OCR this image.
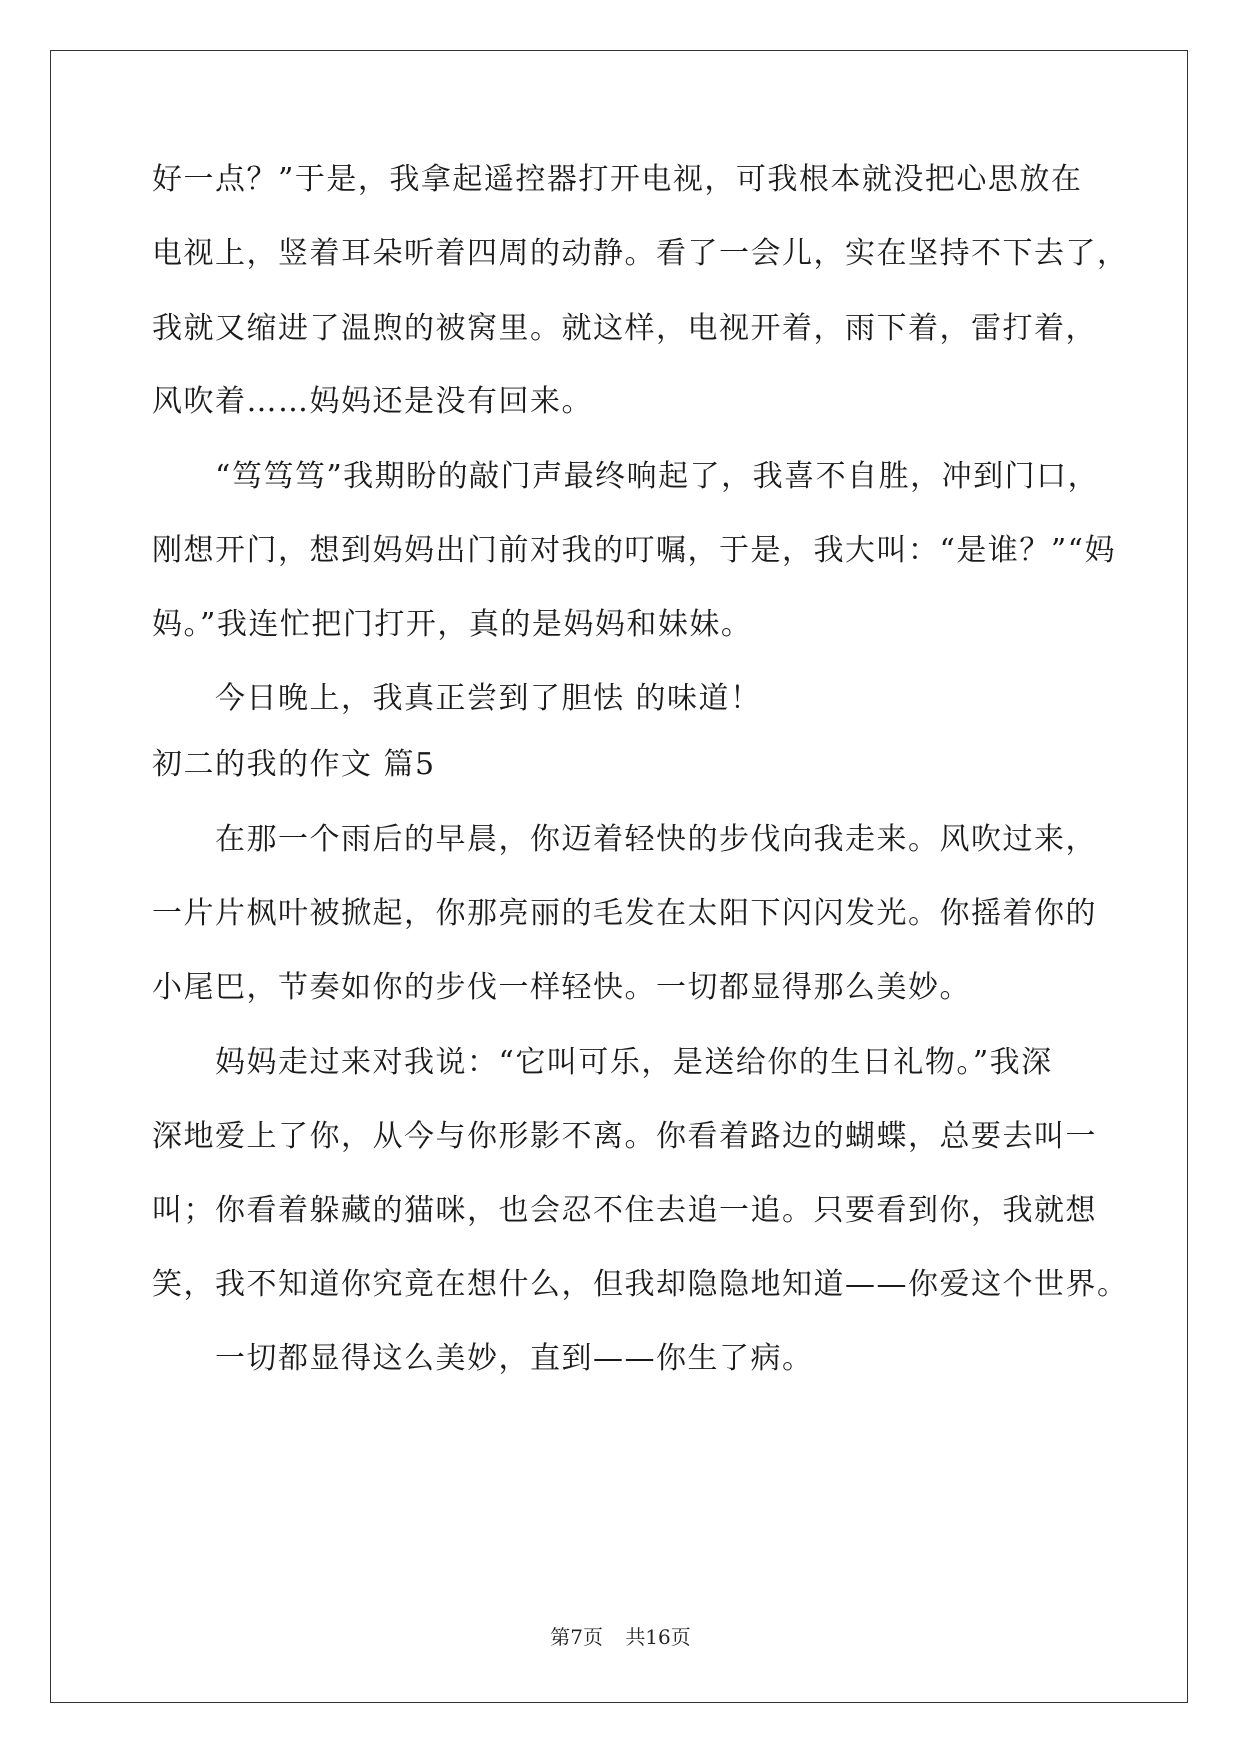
好一点？”于是，我拿起遥控器打开电视，可我根本就没把心思放在
电视上，竖着耳朵听着四周的动静。看了一会儿，实在坚持不下去了，
我就又缩进了温煦的被窝里。就这样，电视开着，雨下着，雷打着，
风吹着……妈妈还是没有回来。
　　“笃笃笃”我期盼的敲门声最终响起了，我喜不自胜，冲到门口，
刚想开门，想到妈妈出门前对我的叮嘱，于是，我大叫：“是谁？”“妈
妈。”我连忙把门打开，真的是妈妈和妹妹。
　　今日晚上，我真正尝到了胆怯 的味道！
初二的我的作文 篇5
　　在那一个雨后的早晨，你迈着轻快的步伐向我走来。风吹过来，
一片片枫叶被掀起，你那亮丽的毛发在太阳下闪闪发光。你摇着你的
小尾巴，节奏如你的步伐一样轻快。一切都显得那么美妙。
　　妈妈走过来对我说：“它叫可乐，是送给你的生日礼物。”我深
深地爱上了你，从今与你形影不离。你看着路边的蝴蝶，总要去叫一
叫；你看着躲藏的猫咪，也会忍不住去追一追。只要看到你，我就想
笑，我不知道你究竟在想什么，但我却隐隐地知道——你爱这个世界。
　　一切都显得这么美妙，直到——你生了病。
第7页 共16页
